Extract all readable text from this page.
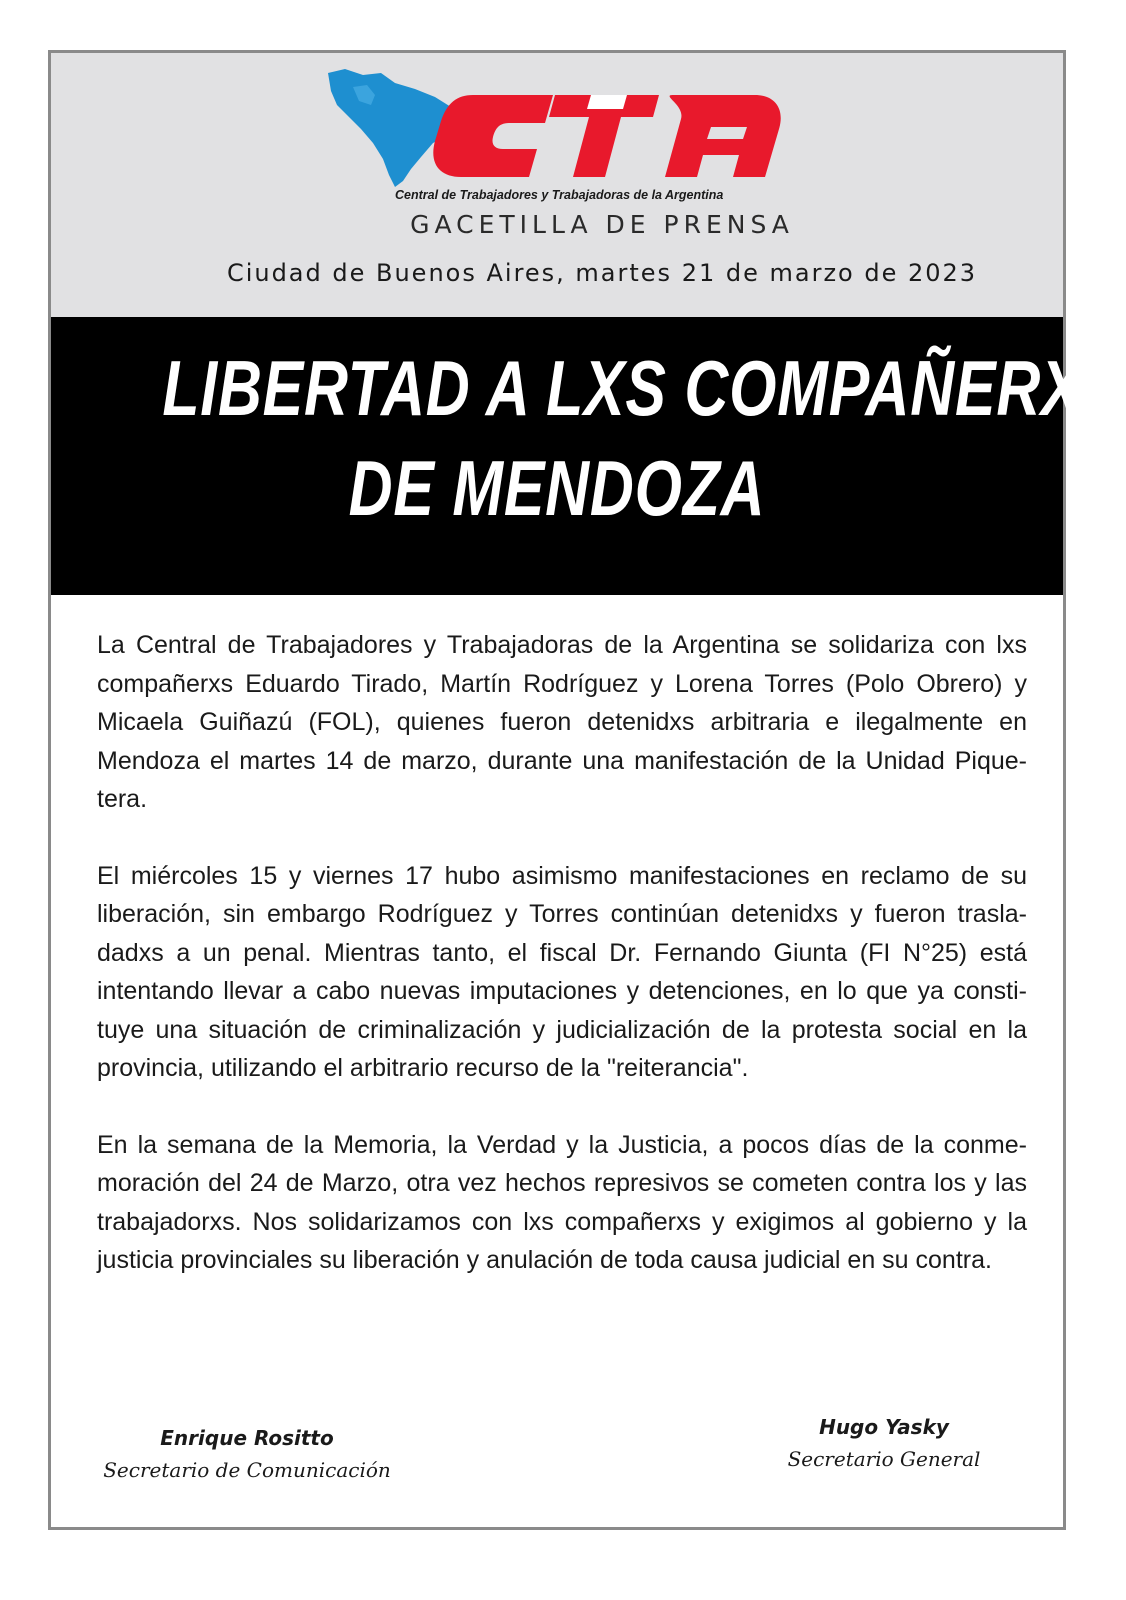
Central de Trabajadores y Trabajadoras de la Argentina
GACETILLA DE PRENSA
Ciudad de Buenos Aires, martes 21 de marzo de 2023
LIBERTAD A LXS COMPAÑERXS
DE MENDOZA

La Central de Trabajadores y Trabajadoras de la Argentina se solidariza con lxs compañerxs Eduardo Tirado, Martín Rodríguez y Lorena Torres (Polo Obrero) y Micaela Guiñazú (FOL), quienes fueron detenidxs arbitraria e ilegalmente en Mendoza el martes 14 de marzo, durante una manifestación de la Unidad Piquetera.

El miércoles 15 y viernes 17 hubo asimismo manifestaciones en reclamo de su liberación, sin embargo Rodríguez y Torres continúan detenidxs y fueron trasladadxs a un penal. Mientras tanto, el fiscal Dr. Fernando Giunta (FI N°25) está intentando llevar a cabo nuevas imputaciones y detenciones, en lo que ya constituye una situación de criminalización y judicialización de la protesta social en la provincia, utilizando el arbitrario recurso de la "reiterancia".

En la semana de la Memoria, la Verdad y la Justicia, a pocos días de la conmemoración del 24 de Marzo, otra vez hechos represivos se cometen contra los y las trabajadorxs. Nos solidarizamos con lxs compañerxs y exigimos al gobierno y la justicia provinciales su liberación y anulación de toda causa judicial en su contra.

Enrique Rositto
Secretario de Comunicación
Hugo Yasky
Secretario General
